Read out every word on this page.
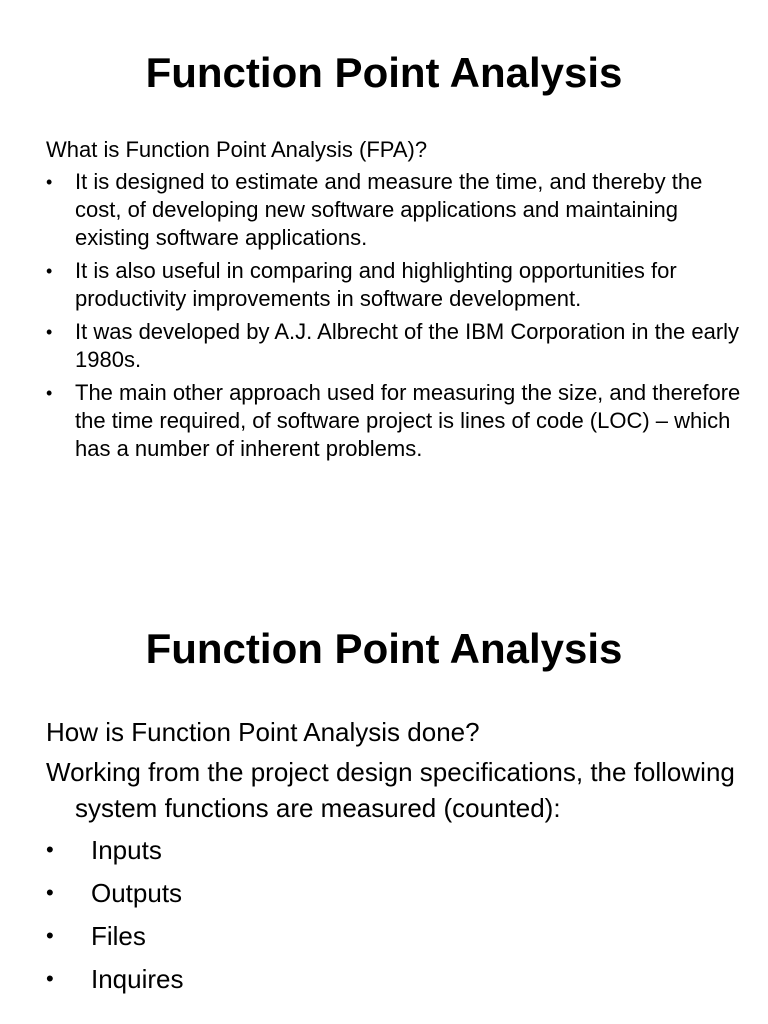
Function Point Analysis

What is Function Point Analysis (FPA)?

• It is designed to estimate and measure the time, and thereby the cost, of developing new software applications and maintaining existing software applications.
• It is also useful in comparing and highlighting opportunities for productivity improvements in software development.
• It was developed by A.J. Albrecht of the IBM Corporation in the early 1980s.
• The main other approach used for measuring the size, and therefore the time required, of software project is lines of code (LOC) – which has a number of inherent problems.
Function Point Analysis

How is Function Point Analysis done?

Working from the project design specifications, the following system functions are measured (counted):

• Inputs
• Outputs
• Files
• Inquires
